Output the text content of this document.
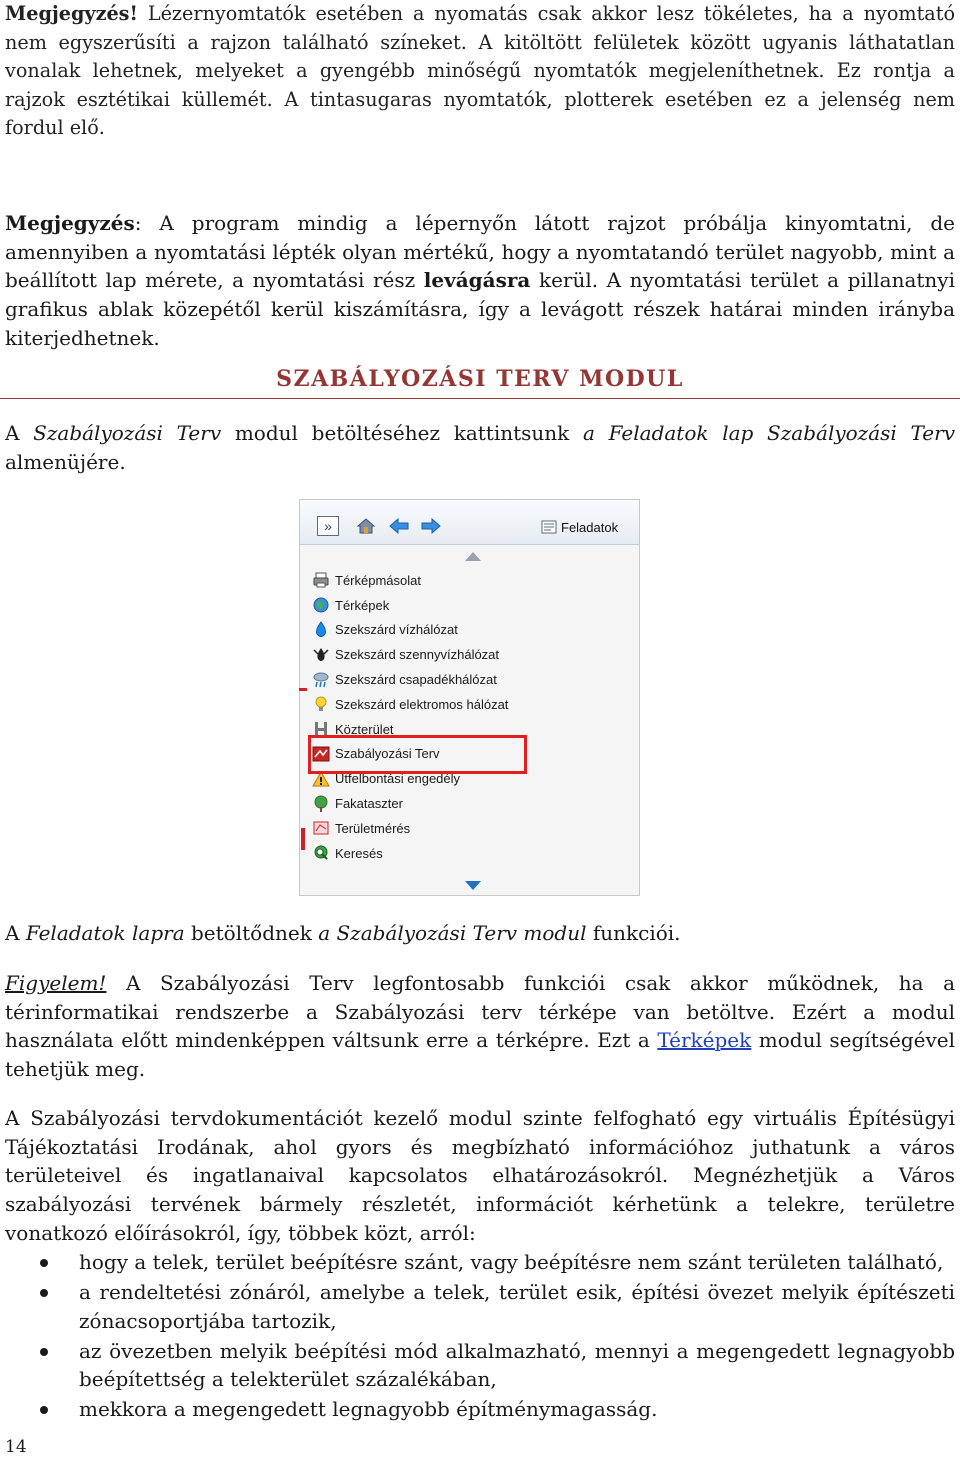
Megjegyzés! Lézernyomtatók esetében a nyomatás csak akkor lesz tökéletes, ha a nyomtató nem egyszerűsíti a rajzon található színeket. A kitöltött felületek között ugyanis láthatatlan vonalak lehetnek, melyeket a gyengébb minőségű nyomtatók megjeleníthetnek. Ez rontja a rajzok esztétikai küllemét. A tintasugaras nyomtatók, plotterek esetében ez a jelenség nem fordul elő.

Megjegyzés: A program mindig a lépernyőn látott rajzot próbálja kinyomtatni, de amennyiben a nyomtatási lépték olyan mértékű, hogy a nyomtatandó terület nagyobb, mint a beállított lap mérete, a nyomtatási rész levágásra kerül. A nyomtatási terület a pillanatnyi grafikus ablak közepétől kerül kiszámításra, így a levágott részek határai minden irányba kiterjedhetnek.

SZABÁLYOZÁSI TERV MODUL

A Szabályozási Terv modul betöltéséhez kattintsunk a Feladatok lap Szabályozási Terv almenüjére.

»	Feladatok
Térképmásolat
Térképek
Szekszárd vízhálózat
Szekszárd szennyvízhálózat
Szekszárd csapadékhálózat
Szekszárd elektromos hálózat
Közterület
Szabályozási Terv
Útfelbontási engedély
Fakataszter
Területmérés
Keresés

A Feladatok lapra betöltődnek a Szabályozási Terv modul funkciói.

Figyelem! A Szabályozási Terv legfontosabb funkciói csak akkor működnek, ha a térinformatikai rendszerbe a Szabályozási terv térképe van betöltve. Ezért a modul használata előtt mindenképpen váltsunk erre a térképre. Ezt a Térképek modul segítségével tehetjük meg.

A Szabályozási tervdokumentációt kezelő modul szinte felfogható egy virtuális Építésügyi Tájékoztatási Irodának, ahol gyors és megbízható információhoz juthatunk a város területeivel és ingatlanaival kapcsolatos elhatározásokról. Megnézhetjük a Város szabályozási tervének bármely részletét, információt kérhetünk a telekre, területre vonatkozó előírásokról, így, többek közt, arról:

hogy a telek, terület beépítésre szánt, vagy beépítésre nem szánt területen található,
a rendeltetési zónáról, amelybe a telek, terület esik, építési övezet melyik építészeti zónacsoportjába tartozik,
az övezetben melyik beépítési mód alkalmazható, mennyi a megengedett legnagyobb beépítettség a telekterület százalékában,
mekkora a megengedett legnagyobb építménymagasság.
14
